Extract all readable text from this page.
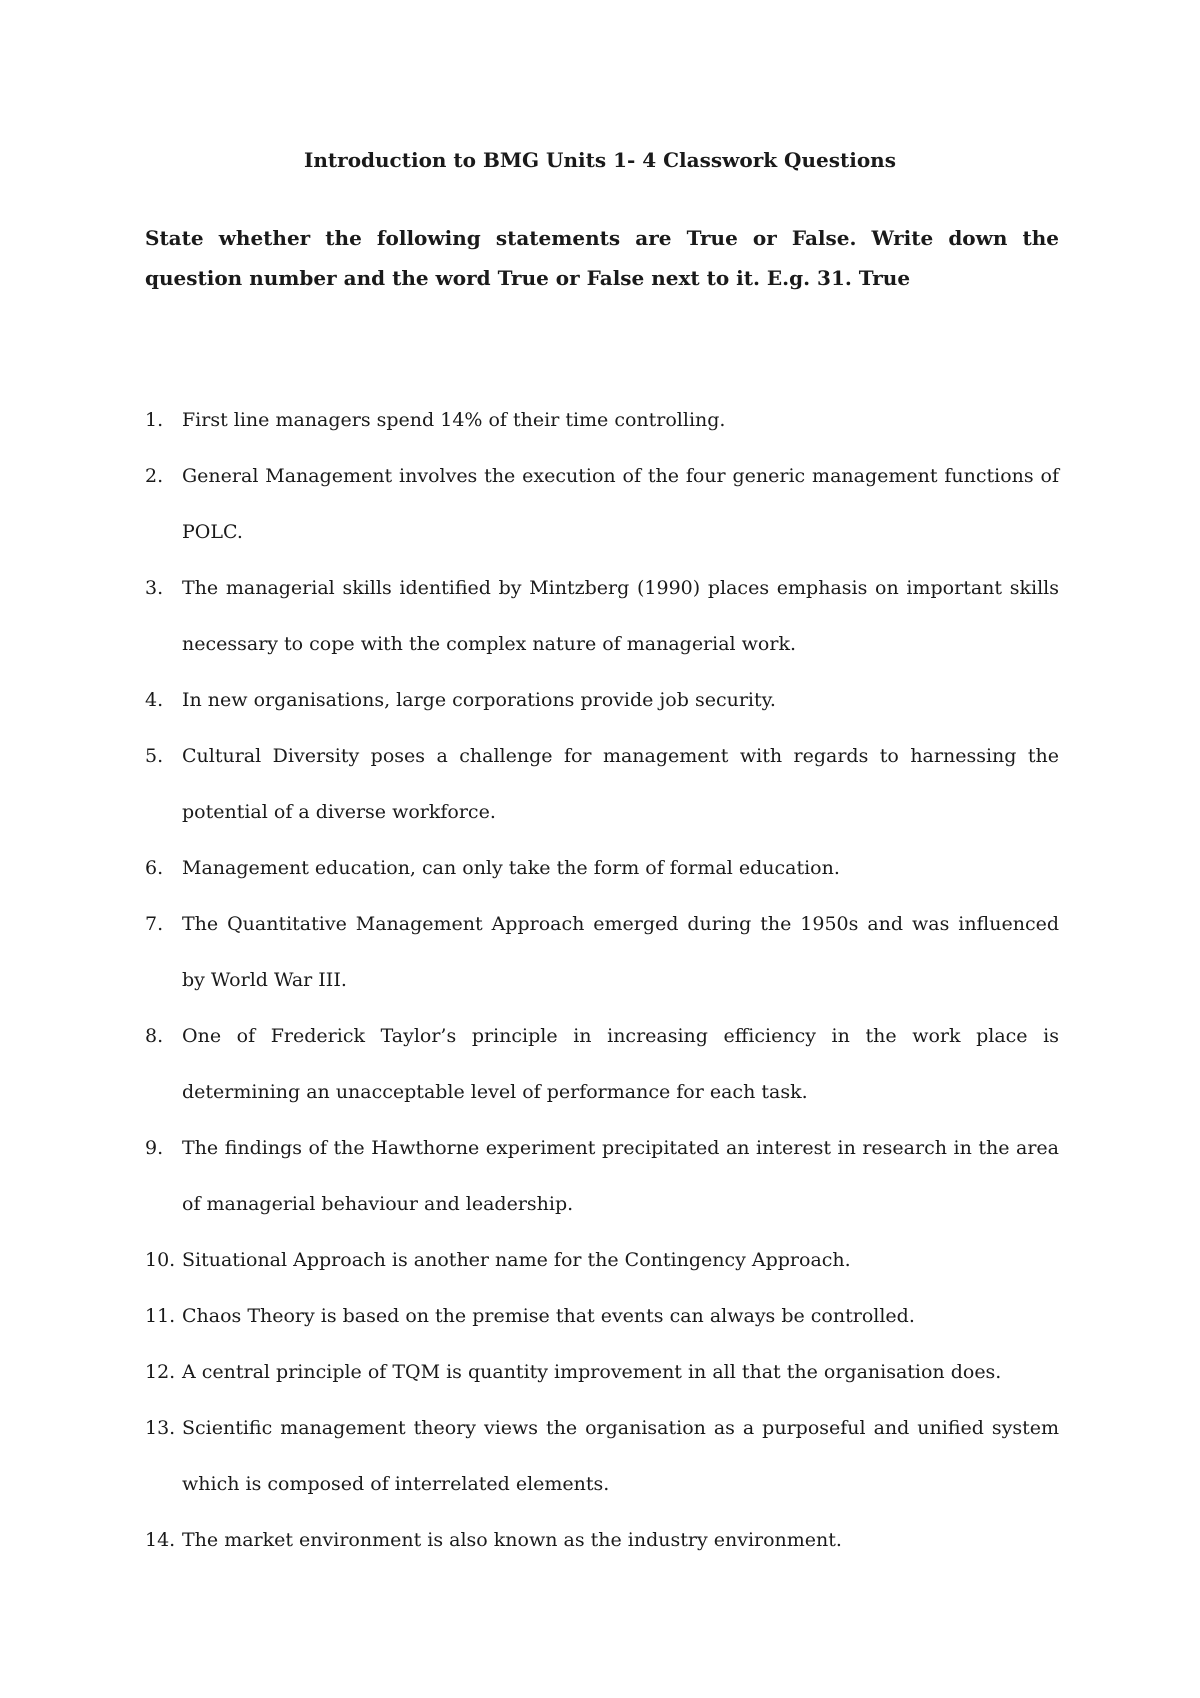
Introduction to BMG Units 1- 4 Classwork Questions

State whether the following statements are True or False. Write down the question number and the word True or False next to it. E.g. 31. True

1. First line managers spend 14% of their time controlling.
2. General Management involves the execution of the four generic management functions of POLC.
3. The managerial skills identified by Mintzberg (1990) places emphasis on important skills necessary to cope with the complex nature of managerial work.
4. In new organisations, large corporations provide job security.
5. Cultural Diversity poses a challenge for management with regards to harnessing the potential of a diverse workforce.
6. Management education, can only take the form of formal education.
7. The Quantitative Management Approach emerged during the 1950s and was influenced by World War III.
8. One of Frederick Taylor’s principle in increasing efficiency in the work place is determining an unacceptable level of performance for each task.
9. The findings of the Hawthorne experiment precipitated an interest in research in the area of managerial behaviour and leadership.
10. Situational Approach is another name for the Contingency Approach.
11. Chaos Theory is based on the premise that events can always be controlled.
12. A central principle of TQM is quantity improvement in all that the organisation does.
13. Scientific management theory views the organisation as a purposeful and unified system which is composed of interrelated elements.
14. The market environment is also known as the industry environment.
